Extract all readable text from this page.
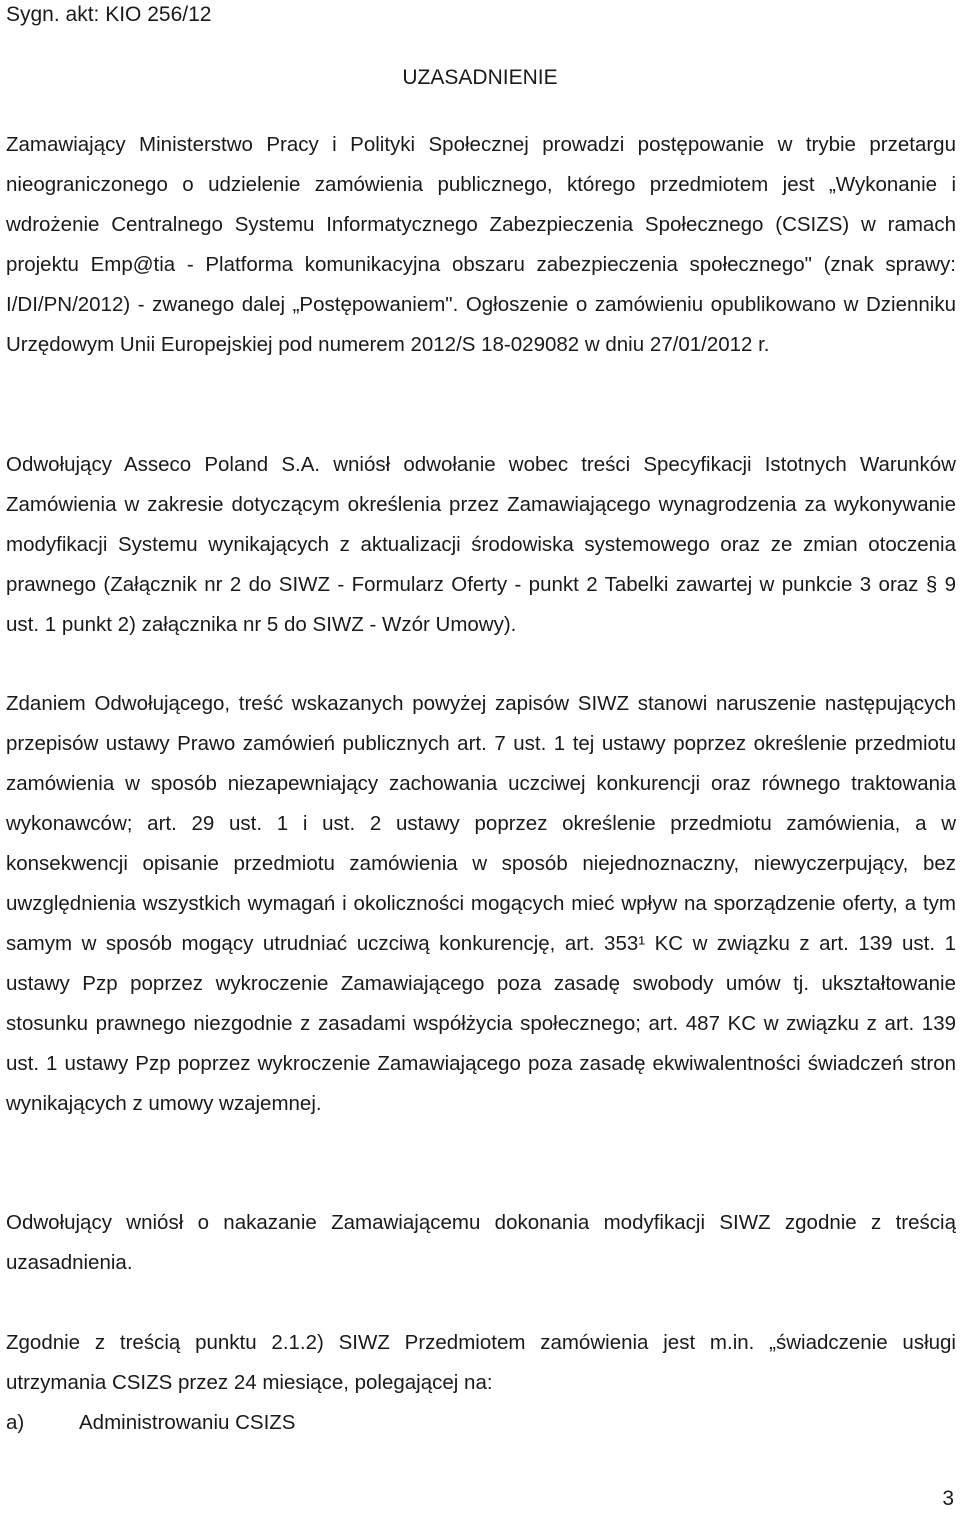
Sygn. akt: KIO 256/12
UZASADNIENIE

Zamawiający Ministerstwo Pracy i Polityki Społecznej prowadzi postępowanie w trybie przetargu nieograniczonego o udzielenie zamówienia publicznego, którego przedmiotem jest „Wykonanie i wdrożenie Centralnego Systemu Informatycznego Zabezpieczenia Społecznego (CSIZS) w ramach projektu Emp@tia - Platforma komunikacyjna obszaru zabezpieczenia społecznego" (znak sprawy: I/DI/PN/2012) - zwanego dalej „Postępowaniem". Ogłoszenie o zamówieniu opublikowano w Dzienniku Urzędowym Unii Europejskiej pod numerem 2012/S 18-029082 w dniu 27/01/2012 r.

Odwołujący Asseco Poland S.A. wniósł odwołanie wobec treści Specyfikacji Istotnych Warunków Zamówienia w zakresie dotyczącym określenia przez Zamawiającego wynagrodzenia za wykonywanie modyfikacji Systemu wynikających z aktualizacji środowiska systemowego oraz ze zmian otoczenia prawnego (Załącznik nr 2 do SIWZ - Formularz Oferty - punkt 2 Tabelki zawartej w punkcie 3 oraz § 9 ust. 1 punkt 2) załącznika nr 5 do SIWZ - Wzór Umowy).

Zdaniem Odwołującego, treść wskazanych powyżej zapisów SIWZ stanowi naruszenie następujących przepisów ustawy Prawo zamówień publicznych art. 7 ust. 1 tej ustawy poprzez określenie przedmiotu zamówienia w sposób niezapewniający zachowania uczciwej konkurencji oraz równego traktowania wykonawców; art. 29 ust. 1 i ust. 2 ustawy poprzez określenie przedmiotu zamówienia, a w konsekwencji opisanie przedmiotu zamówienia w sposób niejednoznaczny, niewyczerpujący, bez uwzględnienia wszystkich wymagań i okoliczności mogących mieć wpływ na sporządzenie oferty, a tym samym w sposób mogący utrudniać uczciwą konkurencję, art. 353¹ KC w związku z art. 139 ust. 1 ustawy Pzp poprzez wykroczenie Zamawiającego poza zasadę swobody umów tj. ukształtowanie stosunku prawnego niezgodnie z zasadami współżycia społecznego; art. 487 KC w związku z art. 139 ust. 1 ustawy Pzp poprzez wykroczenie Zamawiającego poza zasadę ekwiwalentności świadczeń stron wynikających z umowy wzajemnej.

Odwołujący wniósł o nakazanie Zamawiającemu dokonania modyfikacji SIWZ zgodnie z treścią uzasadnienia.

Zgodnie z treścią punktu 2.1.2) SIWZ Przedmiotem zamówienia jest m.in. „świadczenie usługi utrzymania CSIZS przez 24 miesiące, polegającej na:

a)	Administrowaniu CSIZS
3
